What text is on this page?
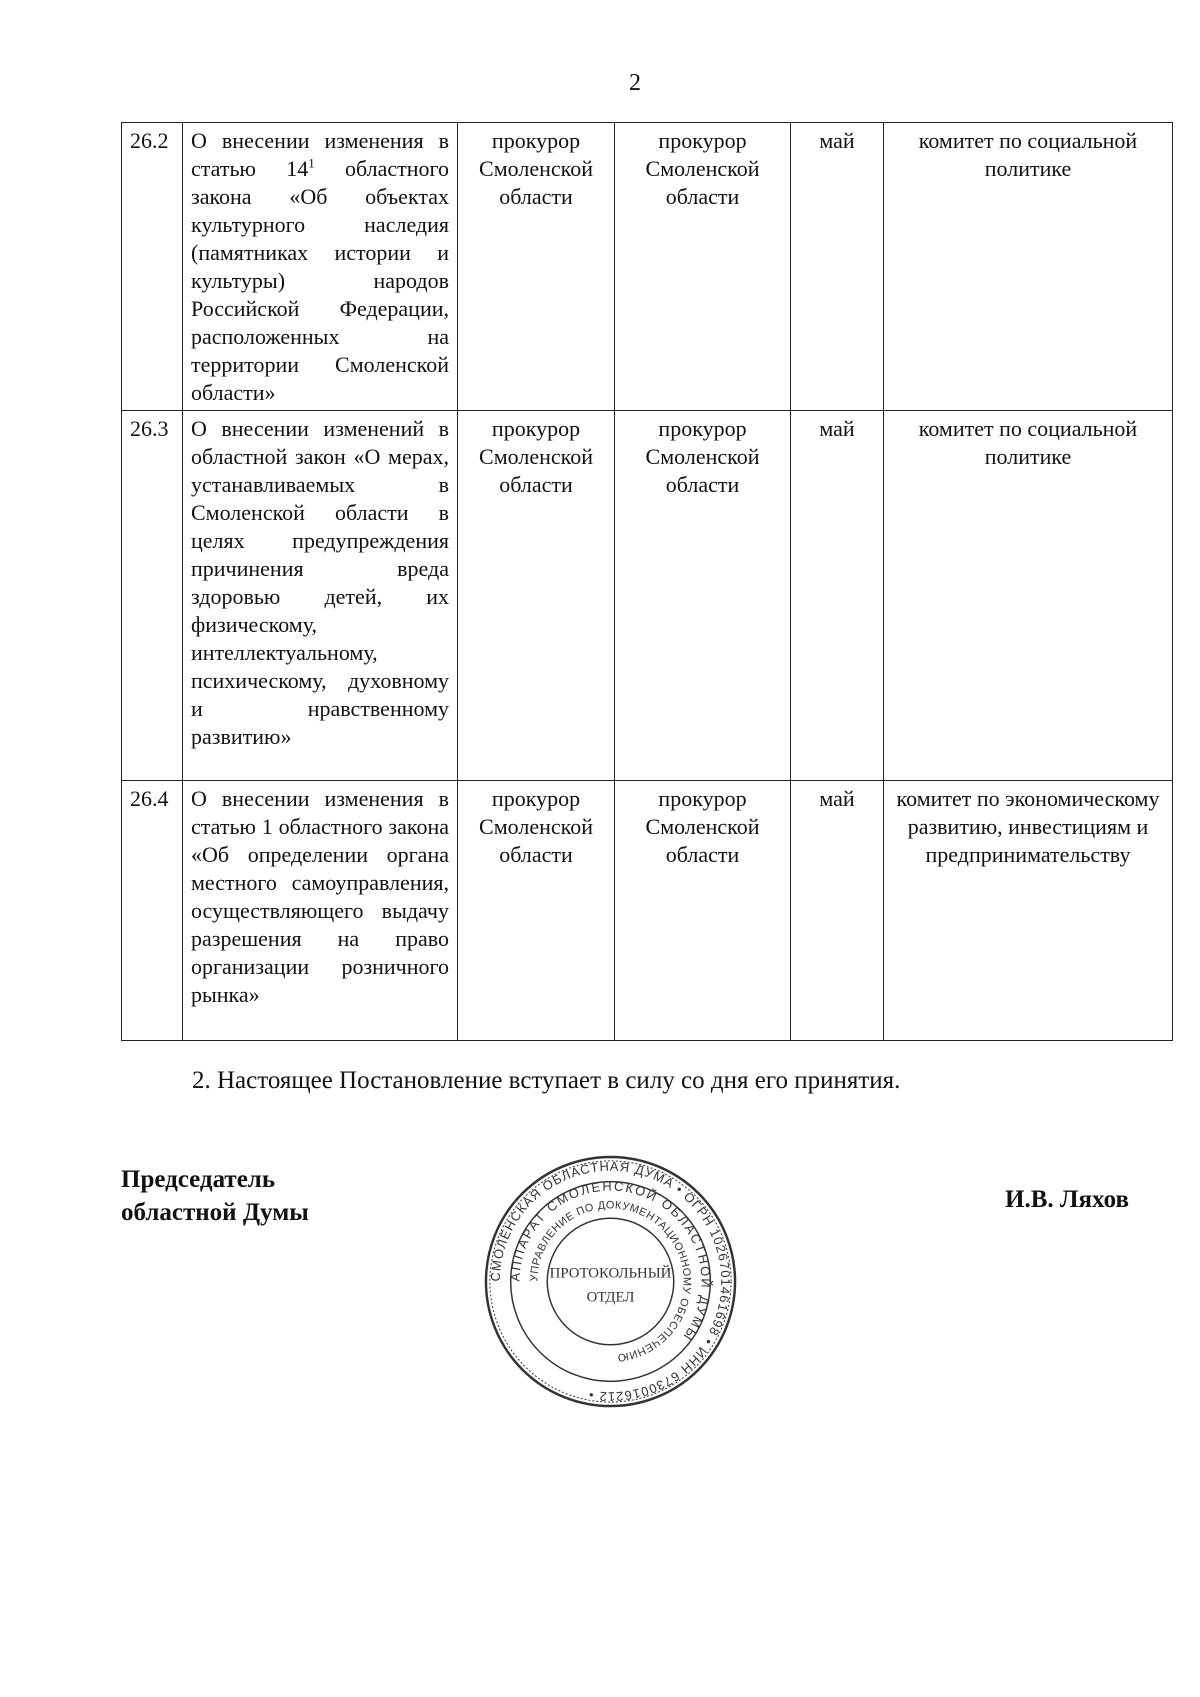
2
26.2	О внесении изменения в статью $14^1$ областного закона «Об объектах культурного наследия (памятниках истории и культуры) народов Российской Федерации, расположенных на территории Смоленской области»	прокурор Смоленской области	прокурор Смоленской области	май	комитет по социальной политике
26.3	О внесении изменений в областной закон «О мерах, устанавливаемых в Смоленской области в целях предупреждения причинения вреда здоровью детей, их физическому, интеллектуальному, психическому, духовному и нравственному развитию»	прокурор Смоленской области	прокурор Смоленской области	май	комитет по социальной политике
26.4	О внесении изменения в статью 1 областного закона «Об определении органа местного самоуправления, осуществляющего выдачу разрешения на право организации розничного рынка»	прокурор Смоленской области	прокурор Смоленской области	май	комитет по экономическому развитию, инвестициям и предпринимательству
2. Настоящее Постановление вступает в силу со дня его принятия.
Председатель
областной Думы	И.В. Ляхов
СМОЛЕНСКАЯ ОБЛАСТНАЯ ДУМА • ОГРН 1026701461698 • ИНН 6730016212 •
АППАРАТ СМОЛЕНСКОЙ ОБЛАСТНОЙ ДУМЫ
УПРАВЛЕНИЕ ПО ДОКУМЕНТАЦИОННОМУ ОБЕСПЕЧЕНИЮ
ПРОТОКОЛЬНЫЙ
ОТДЕЛ
